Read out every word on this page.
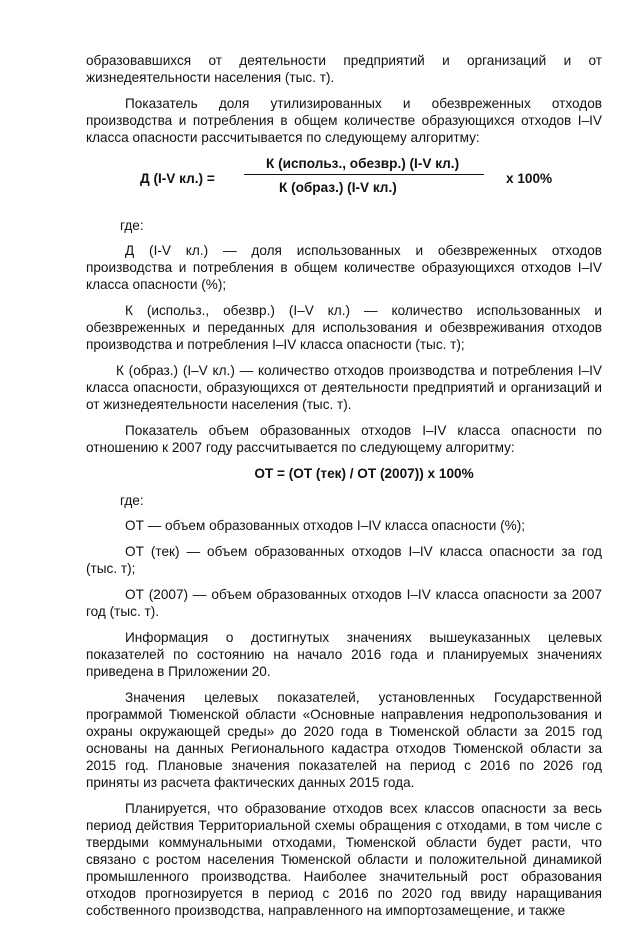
образовавшихся от деятельности предприятий и организаций и от жизнедеятельности населения (тыс. т).

Показатель доля утилизированных и обезвреженных отходов производства и потребления в общем количестве образующихся отходов I–IV класса опасности рассчитывается по следующему алгоритму:

Д (I-V кл.) =
К (использ., обезвр.) (I-V кл.)
К (образ.) (I-V кл.)
х 100%

где:

Д (I-V кл.) — доля использованных и обезвреженных отходов производства и потребления в общем количестве образующихся отходов I–IV класса опасности (%);

К (использ., обезвр.) (I–V кл.) — количество использованных и обезвреженных и переданных для использования и обезвреживания отходов производства и потребления I–IV класса опасности (тыс. т);

К (образ.) (I–V кл.) — количество отходов производства и потребления I–IV класса опасности, образующихся от деятельности предприятий и организаций и от жизнедеятельности населения (тыс. т).

Показатель объем образованных отходов I–IV класса опасности по отношению к 2007 году рассчитывается по следующему алгоритму:

ОТ = (ОТ (тек) / ОТ (2007)) х 100%

где:

ОТ — объем образованных отходов I–IV класса опасности (%);

ОТ (тек) — объем образованных отходов I–IV класса опасности за год (тыс. т);

ОТ (2007) — объем образованных отходов I–IV класса опасности за 2007 год (тыс. т).

Информация о достигнутых значениях вышеуказанных целевых показателей по состоянию на начало 2016 года и планируемых значениях приведена в Приложении 20.

Значения целевых показателей, установленных Государственной программой Тюменской области «Основные направления недропользования и охраны окружающей среды» до 2020 года в Тюменской области за 2015 год основаны на данных Регионального кадастра отходов Тюменской области за 2015 год. Плановые значения показателей на период с 2016 по 2026 год приняты из расчета фактических данных 2015 года.

Планируется, что образование отходов всех классов опасности за весь период действия Территориальной схемы обращения с отходами, в том числе с твердыми коммунальными отходами, Тюменской области будет расти, что связано с ростом населения Тюменской области и положительной динамикой промышленного производства. Наиболее значительный рост образования отходов прогнозируется в период с 2016 по 2020 год ввиду наращивания собственного производства, направленного на импортозамещение, и также
